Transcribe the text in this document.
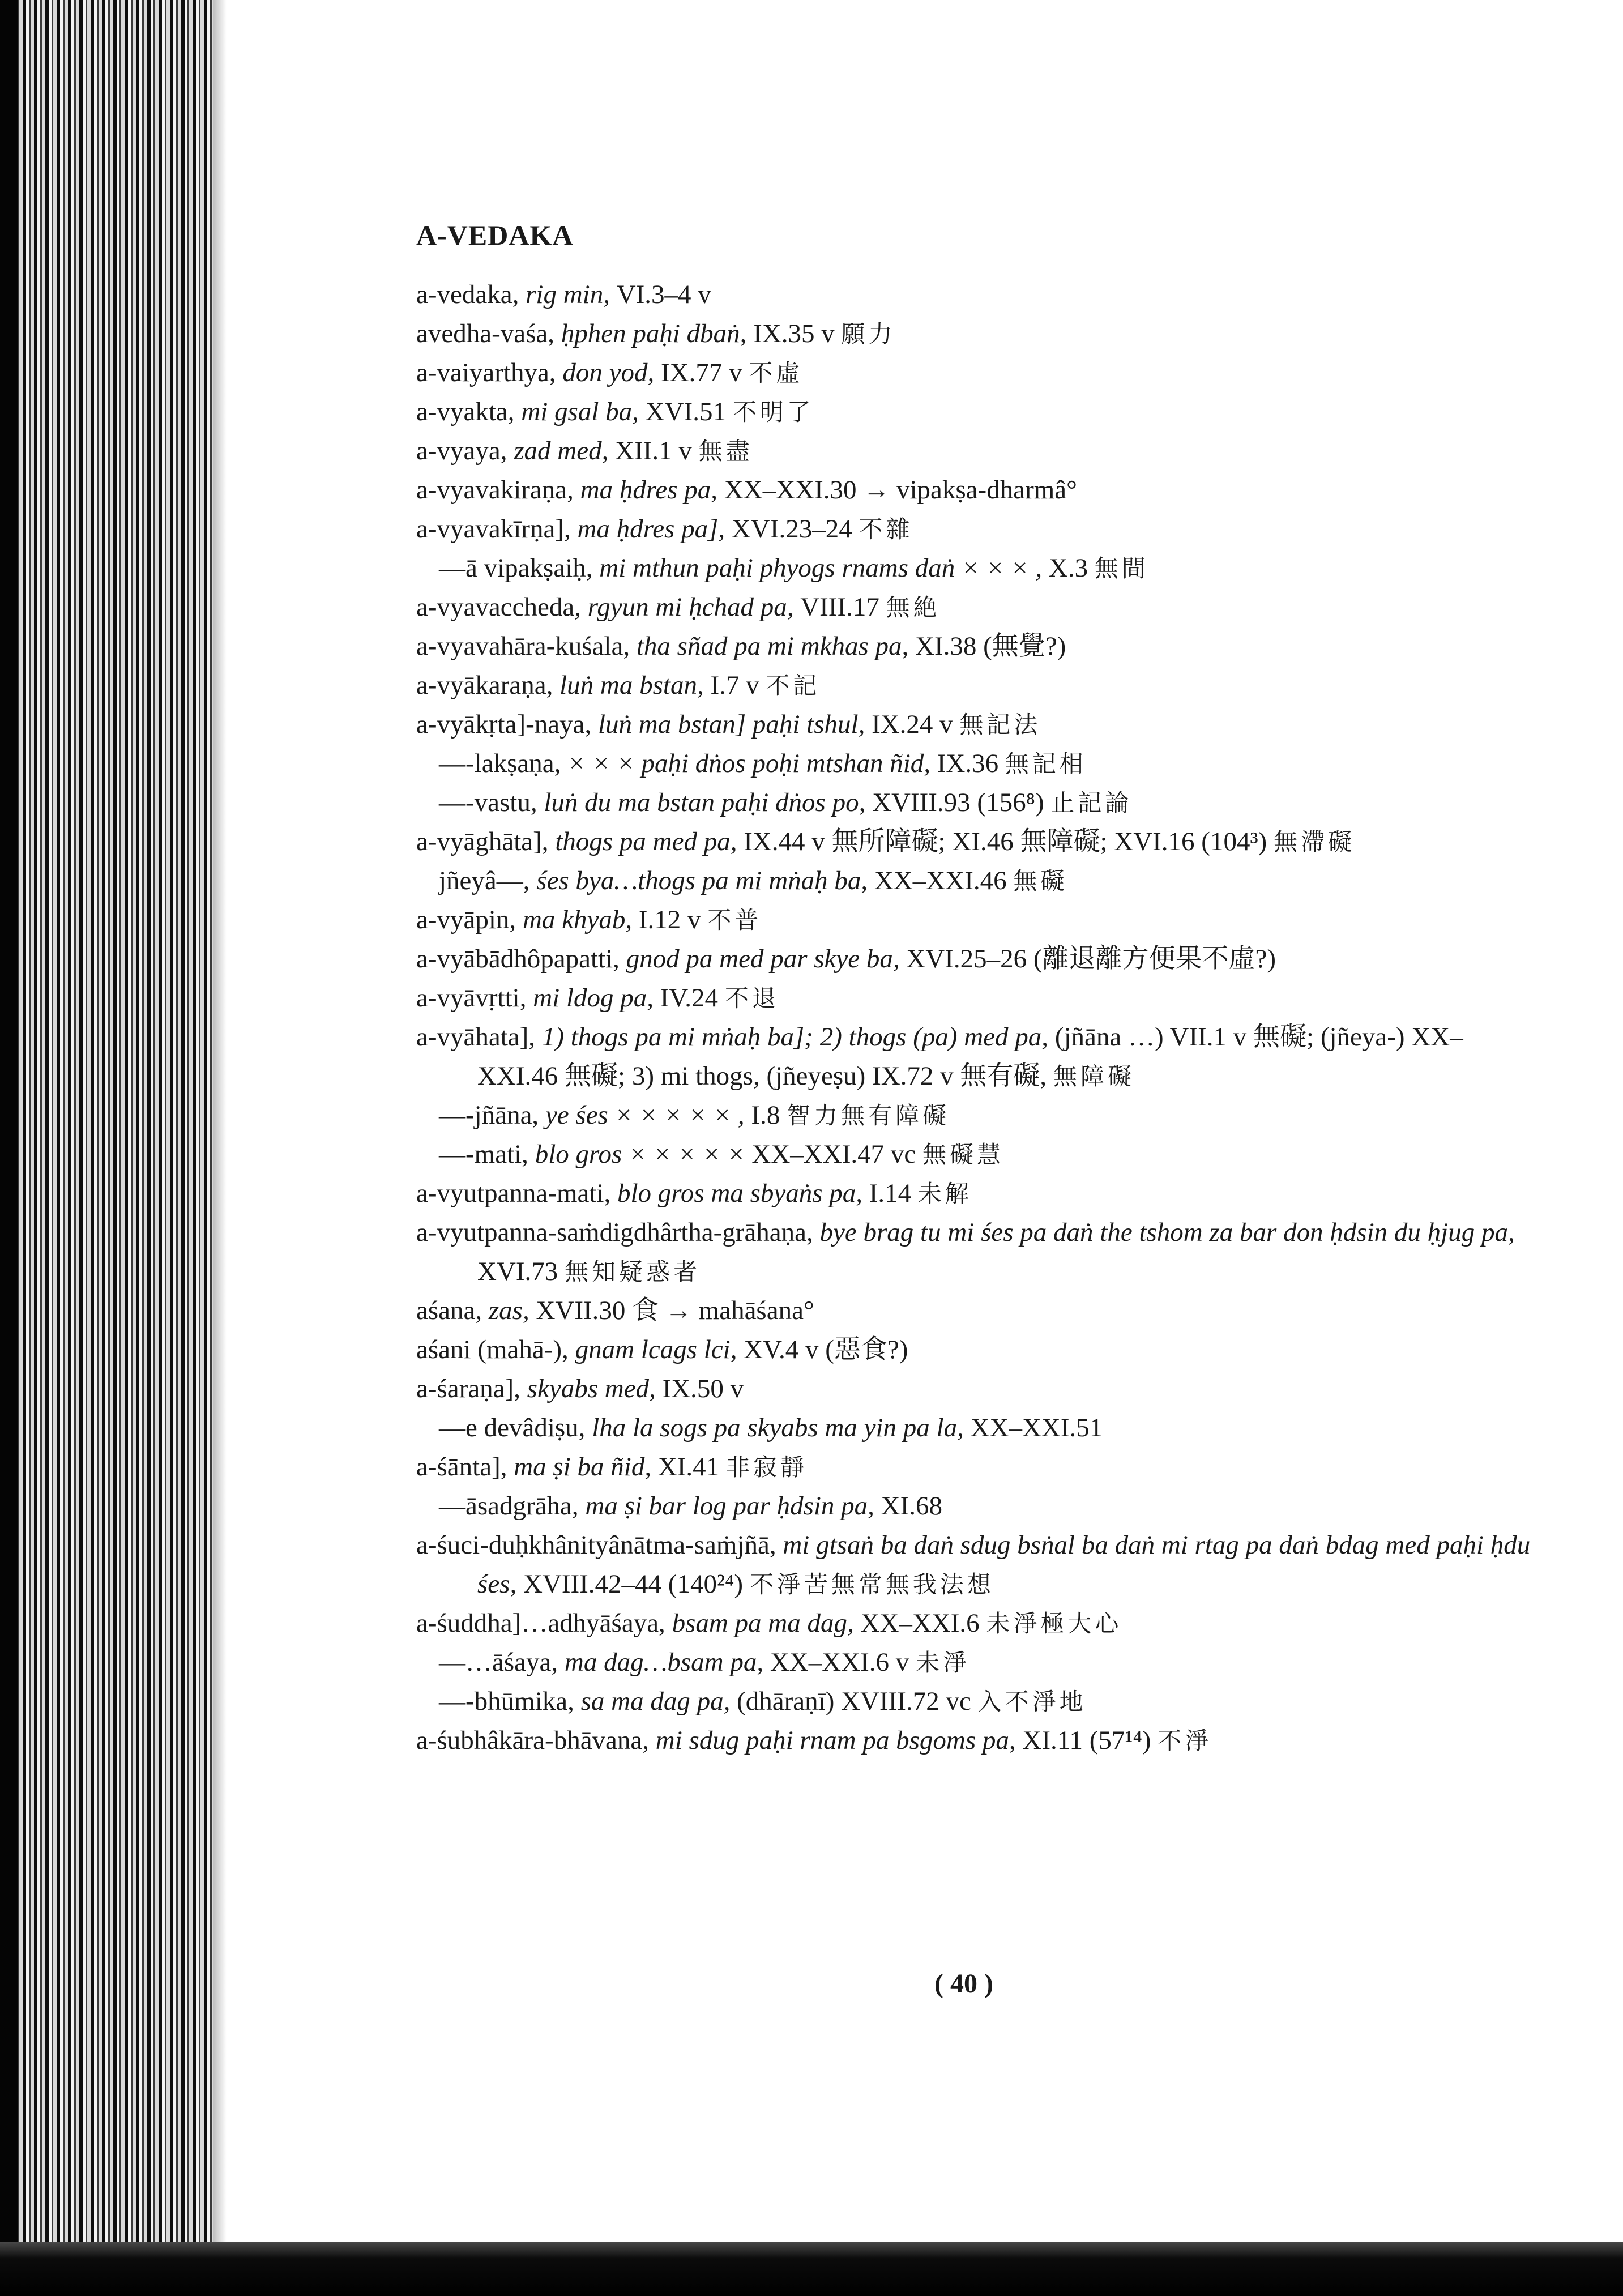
A-VEDAKA
a-vedaka, rig min, VI.3–4 v
avedha-vaśa, ḥphen paḥi dbaṅ, IX.35 v 願力
a-vaiyarthya, don yod, IX.77 v 不虛
a-vyakta, mi gsal ba, XVI.51 不明了
a-vyaya, zad med, XII.1 v 無盡
a-vyavakiraṇa, ma ḥdres pa, XX–XXI.30 → vipakṣa-dharmâ°
a-vyavakīrṇa], ma ḥdres pa], XVI.23–24 不雜
—ā vipakṣaiḥ, mi mthun paḥi phyogs rnams daṅ × × × , X.3 無間
a-vyavaccheda, rgyun mi ḥchad pa, VIII.17 無絶
a-vyavahāra-kuśala, tha sñad pa mi mkhas pa, XI.38 (無覺?)
a-vyākaraṇa, luṅ ma bstan, I.7 v 不記
a-vyākṛta]-naya, luṅ ma bstan] paḥi tshul, IX.24 v 無記法
—-lakṣaṇa, × × × paḥi dṅos poḥi mtshan ñid, IX.36 無記相
—-vastu, luṅ du ma bstan paḥi dṅos po, XVIII.93 (156⁸) 止記論
a-vyāghāta], thogs pa med pa, IX.44 v 無所障礙; XI.46 無障礙; XVI.16 (104³) 無滯礙
jñeyâ—, śes bya…thogs pa mi mṅaḥ ba, XX–XXI.46 無礙
a-vyāpin, ma khyab, I.12 v 不普
a-vyābādhôpapatti, gnod pa med par skye ba, XVI.25–26 (離退離方便果不虛?)
a-vyāvṛtti, mi ldog pa, IV.24 不退
a-vyāhata], 1) thogs pa mi mṅaḥ ba]; 2) thogs (pa) med pa, (jñāna …) VII.1 v 無礙; (jñeya-) XX–XXI.46 無礙; 3) mi thogs, (jñeyeṣu) IX.72 v 無有礙, 無障礙
—-jñāna, ye śes × × × × × , I.8 智力無有障礙
—-mati, blo gros × × × × × XX–XXI.47 vc 無礙慧
a-vyutpanna-mati, blo gros ma sbyaṅs pa, I.14 未解
a-vyutpanna-saṁdigdhârtha-grāhaṇa, bye brag tu mi śes pa daṅ the tshom za bar don ḥdsin du ḥjug pa, XVI.73 無知疑惑者
aśana, zas, XVII.30 食 → mahāśana°
aśani (mahā-), gnam lcags lci, XV.4 v (惡食?)
a-śaraṇa], skyabs med, IX.50 v
—e devâdiṣu, lha la sogs pa skyabs ma yin pa la, XX–XXI.51
a-śānta], ma ṣi ba ñid, XI.41 非寂靜
—āsadgrāha, ma ṣi bar log par ḥdsin pa, XI.68
a-śuci-duḥkhânityânātma-saṁjñā, mi gtsaṅ ba daṅ sdug bsṅal ba daṅ mi rtag pa daṅ bdag med paḥi ḥdu śes, XVIII.42–44 (140²⁴) 不淨苦無常無我法想
a-śuddha]…adhyāśaya, bsam pa ma dag, XX–XXI.6 未淨極大心
—…āśaya, ma dag…bsam pa, XX–XXI.6 v 未淨
—-bhūmika, sa ma dag pa, (dhāraṇī) XVIII.72 vc 入不淨地
a-śubhâkāra-bhāvana, mi sdug paḥi rnam pa bsgoms pa, XI.11 (57¹⁴) 不淨
( 40 )
